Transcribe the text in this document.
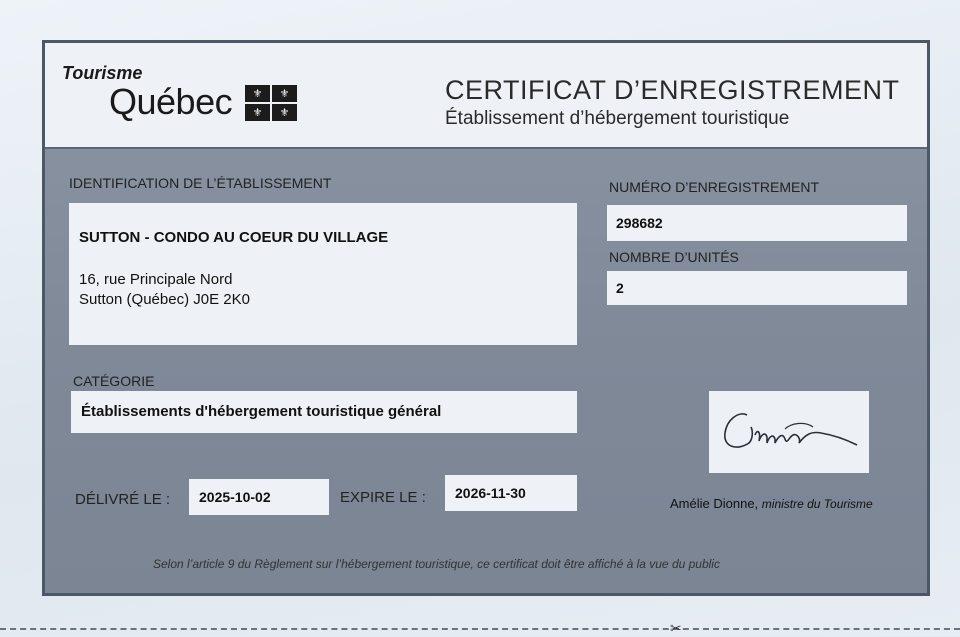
Tourisme
Québec	⚜	⚜
⚜	⚜
CERTIFICAT D’ENREGISTREMENT
Établissement d’hébergement touristique
IDENTIFICATION DE L’ÉTABLISSEMENT
SUTTON - CONDO AU COEUR DU VILLAGE
16, rue Principale Nord
Sutton (Québec) J0E 2K0
NUMÉRO D’ENREGISTREMENT
298682
NOMBRE D’UNITÉS
2
CATÉGORIE
Établissements d'hébergement touristique général
DÉLIVRÉ LE : 2025-10-02	EXPIRE LE : 2026-11-30
Amélie Dionne, ministre du Tourisme
Selon l’article 9 du Règlement sur l’hébergement touristique, ce certificat doit être affiché à la vue du public
✂
